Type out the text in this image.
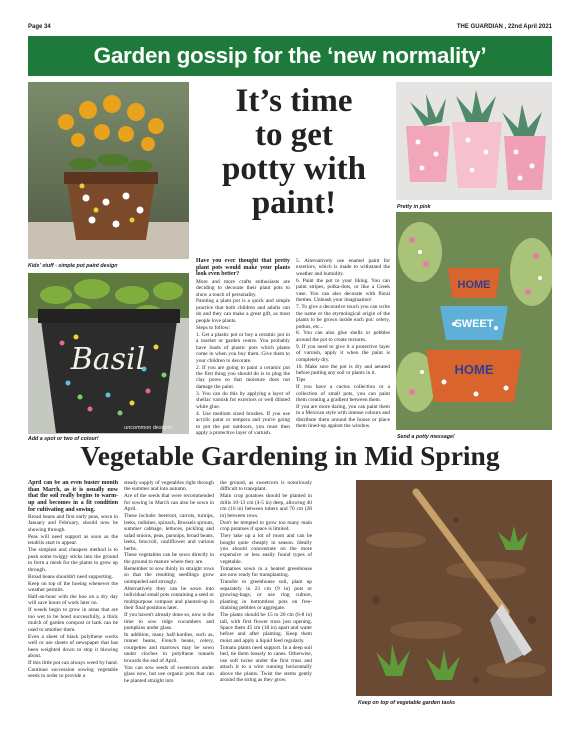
Page 34	THE GUARDIAN , 22nd April 2021
Garden gossip for the ‘new normality’
Kids’ stuff - simple pot paint design
Basil
uncommon designs
Add a spot or two of colour!
It’s time
to get
potty with
paint!

Have you ever thought that pretty plant pots would make your plants look even better?

More and more crafts enthusiasts are deciding to decorate their plant pots to show a touch of personality.

Painting a plant pot is a quick and simple practice that both children and adults can do and they can make a great gift, as most people love plants.

Steps to follow:

1. Get a plastic pot or buy a ceramic pot in a market or garden centre. You probably have loads of plastic pots which plants come in when you buy them. Give them to your children to decorate.

2. If you are going to paint a ceramic pot the first thing you should do is to plug the clay pores so that moisture does not damage the paint.

3. You can do this by applying a layer of shellac varnish for exteriors or well diluted white glue.

4. Use medium sized brushes. If you use acrylic paint or tempera and you're going to put the pot outdoors, you must then apply a protective layer of varnish.

5. Alternatively use enamel paint for exteriors, which is made to withstand the weather and humidity.

6. Paint the pot to your liking. You can paint stripes, polka-dots, or like a Greek vase. You can also decorate with floral themes. Unleash your imagination!

7. To give a decorative touch you can write the name or the etymological origin of the plants to be grown inside each pot: celery, pothos, etc...

8. You can also glue shells or pebbles around the pot to create textures.

9. If you need to give it a protective layer of varnish, apply it when the paint is completely dry.

10. Make sure the pot is dry and aerated before putting any soil or plants in it.

Tips

If you have a cactus collection or a collection of small pots, you can paint them creating a gradient between them.

If you are more daring, you can paint them in a Mexican style with intense colours and distribute them around the house or place them lined-up against the window.

Pretty in pink
HOME
SWEET
HOME
Send a potty message!
Vegetable Gardening in Mid Spring

April can be an even busier month than March, as it is usually now that the soil really begins to warm-up and becomes in a fit condition for cultivating and sowing.

Broad beans and first early peas, sown in January and February, should now be showing through.

Peas will need support as soon as the tendrils start to appear.

The simplest and cheapest method is to push some twiggy sticks into the ground to form a mesh for the plants to grow up through.

Broad beans shouldn't need supporting.

Keep on top of the hoeing whenever the weather permits.

Half-an-hour with the hoe on a dry day will save hours of work later on.

If weeds begin to grow in areas that are too wet to be hoed successfully, a thick mulch of garden compost or bark can be used to smother them.

Even a sheet of black polythene works well or use sheets of newspaper that has been weighted down to stop it blowing about.

If this little pot can always weed by hand.

Continue succession sowing vegetable seeds in order to provide a

steady supply of vegetables right through the summer and into autumn.

Are of the seeds that were recommended for sowing in March can also be sown in April.

These include: beetroot, carrots, turnips, leeks, radishes, spinach, Brussels sprouts, summer cabbage, lettuces, pickling and salad onions, peas, parsnips, broad beans, leeks, broccoli, cauliflower and various herbs.

These vegetables can be sown directly in the ground to mature where they are.

Remember to sow thinly in straight rows so that the resulting seedlings grow unimpeded and strongly.

Alternatively they can be sown into individual small pots containing a seed or multipurpose compost and planted-up in their final positions later.

If you haven't already done so, now is the time to sow ridge cucumbers and pumpkins under glass.

In addition, many half-hardies, such as, runner beans, French beans, celery, courgettes and marrows may be sown under cloches in polythene tunnels towards the end of April.

You can sow seeds of sweetcorn under glass now, but use organic pots that can be planted straight into

the ground, as sweetcorn is notoriously difficult to transplant.

Main crop potatoes should be planted in drills 10-13 cm (4-5 in) deep, allowing 40 cm (16 in) between tubers and 70 cm (28 in) between rows.

Don't be tempted to grow too many main crop potatoes if space is limited.

They take up a lot of room and can be bought quite cheaply in season. Ideally you should concentrate on the more expensive or less easily found types of vegetable.

Tomatoes sown in a heated greenhouse are now ready for transplanting.

Transfer to greenhouse soil, plant up separately in 23 cm (9 in) pots or growing-bags; or use ring culture, planting in bottomless pots on free-draining pebbles or aggregate.

The plants should be 15 to 20 cm (6-8 in) tall, with first flower truss just opening. Space them 45 cm (18 in) apart and water before and after planting. Keep them moist and apply a liquid feed regularly.

Tomato plants need support. In a deep soil bed, tie them loosely to canes. Otherwise, use soft twine under the first truss and attach it to a wire running horizontally above the plants. Twist the stems gently around the string as they grow.

Keep on top of vegetable garden tasks
